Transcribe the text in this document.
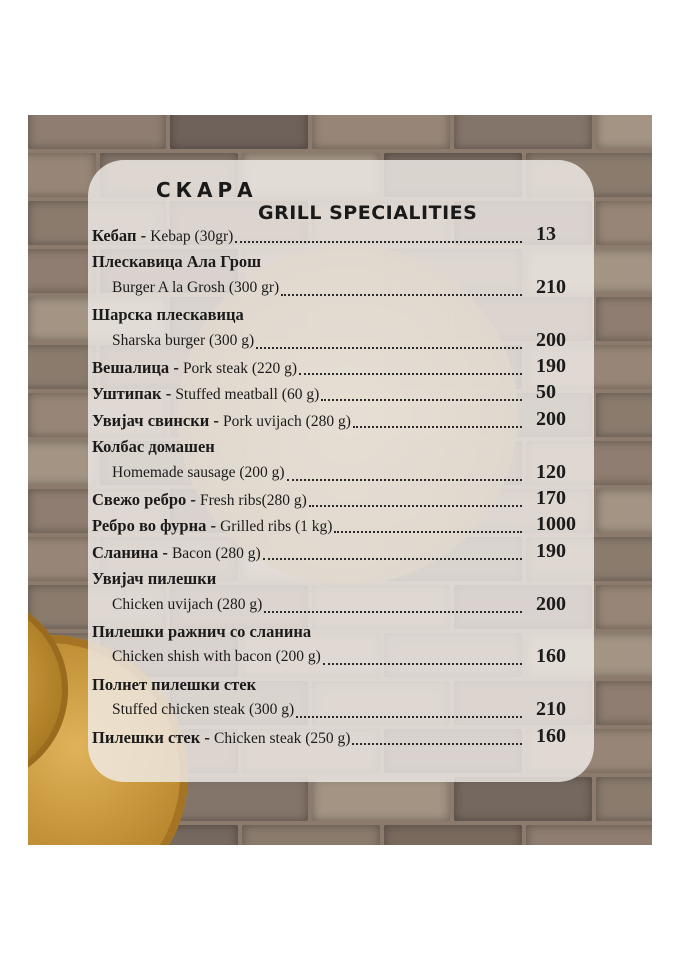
СКАРА
GRILL SPECIALITIES
Кебап - Kebap (30gr)	13
Плескавица Ала Грош
Burger A la Grosh (300 gr)	210
Шарска плескавица
Sharska burger (300 g)	200
Вешалица - Pork steak (220 g)	190
Уштипак - Stuffed meatball (60 g)	50
Увијач свински - Pork uvijach (280 g)	200
Колбас домашен
Homemade sausage (200 g)	120
Свежо ребро - Fresh ribs(280 g)	170
Ребро во фурна - Grilled ribs (1 kg)	1000
Сланина - Bacon (280 g)	190
Увијач пилешки
Chicken uvijach (280 g)	200
Пилешки ражнич со сланина
Chicken shish with bacon (200 g)	160
Полнет пилешки стек
Stuffed chicken steak (300 g)	210
Пилешки стек - Chicken steak (250 g)	160
